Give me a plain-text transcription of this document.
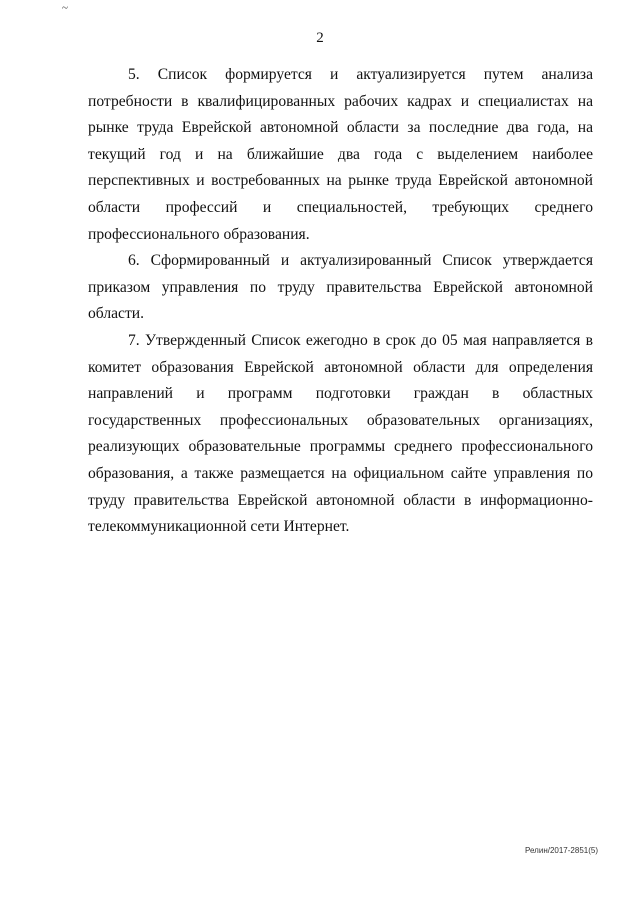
~
2

5. Список формируется и актуализируется путем анализа потребности в квалифицированных рабочих кадрах и специалистах на рынке труда Еврейской автономной области за последние два года, на текущий год и на ближайшие два года с выделением наиболее перспективных и востребованных на рынке труда Еврейской автономной области профессий и специальностей, требующих среднего профессионального образования.

6. Сформированный и актуализированный Список утверждается приказом управления по труду правительства Еврейской автономной области.

7. Утвержденный Список ежегодно в срок до 05 мая направляется в комитет образования Еврейской автономной области для определения направлений и программ подготовки граждан в областных государственных профессиональных образовательных организациях, реализующих образовательные программы среднего профессионального образования, а также размещается на официальном сайте управления по труду правительства Еврейской автономной области в информационно-телекоммуникационной сети Интернет.

Релин/2017-2851(5)
